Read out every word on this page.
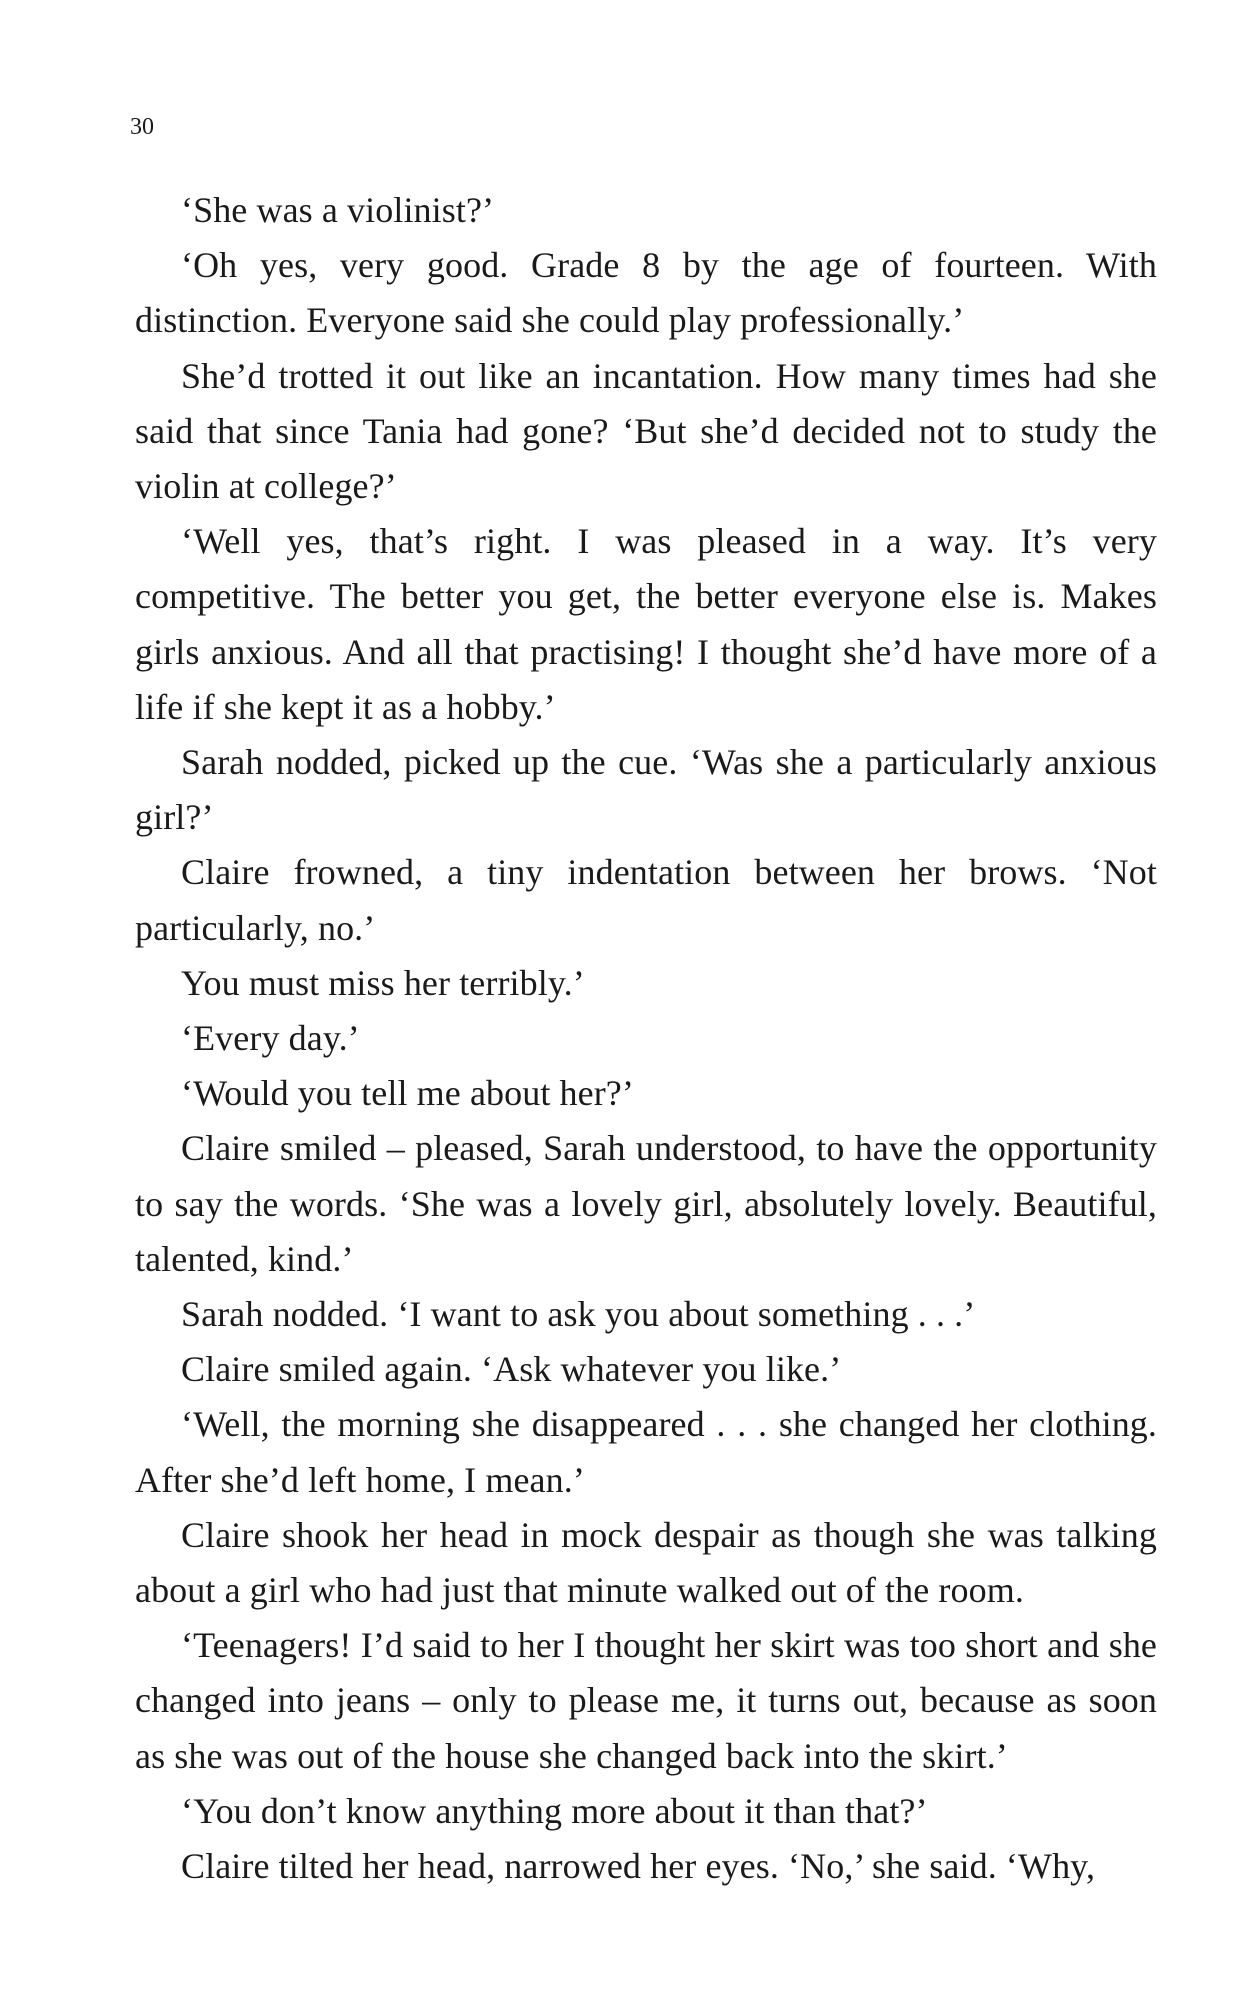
30

‘She was a violinist?’

‘Oh yes, very good. Grade 8 by the age of fourteen. With distinction. Everyone said she could play professionally.’

She’d trotted it out like an incantation. How many times had she said that since Tania had gone? ‘But she’d decided not to study the violin at college?’

‘Well yes, that’s right. I was pleased in a way. It’s very competitive. The better you get, the better everyone else is. Makes girls anxious. And all that practising! I thought she’d have more of a life if she kept it as a hobby.’

Sarah nodded, picked up the cue. ‘Was she a particularly anxious girl?’

Claire frowned, a tiny indentation between her brows. ‘Not particularly, no.’

You must miss her terribly.’

‘Every day.’

‘Would you tell me about her?’

Claire smiled – pleased, Sarah understood, to have the opportunity to say the words. ‘She was a lovely girl, absolutely lovely. Beautiful, talented, kind.’

Sarah nodded. ‘I want to ask you about something . . .’

Claire smiled again. ‘Ask whatever you like.’

‘Well, the morning she disappeared . . . she changed her clothing. After she’d left home, I mean.’

Claire shook her head in mock despair as though she was talking about a girl who had just that minute walked out of the room.

‘Teenagers! I’d said to her I thought her skirt was too short and she changed into jeans – only to please me, it turns out, because as soon as she was out of the house she changed back into the skirt.’

‘You don’t know anything more about it than that?’

Claire tilted her head, narrowed her eyes. ‘No,’ she said. ‘Why,
